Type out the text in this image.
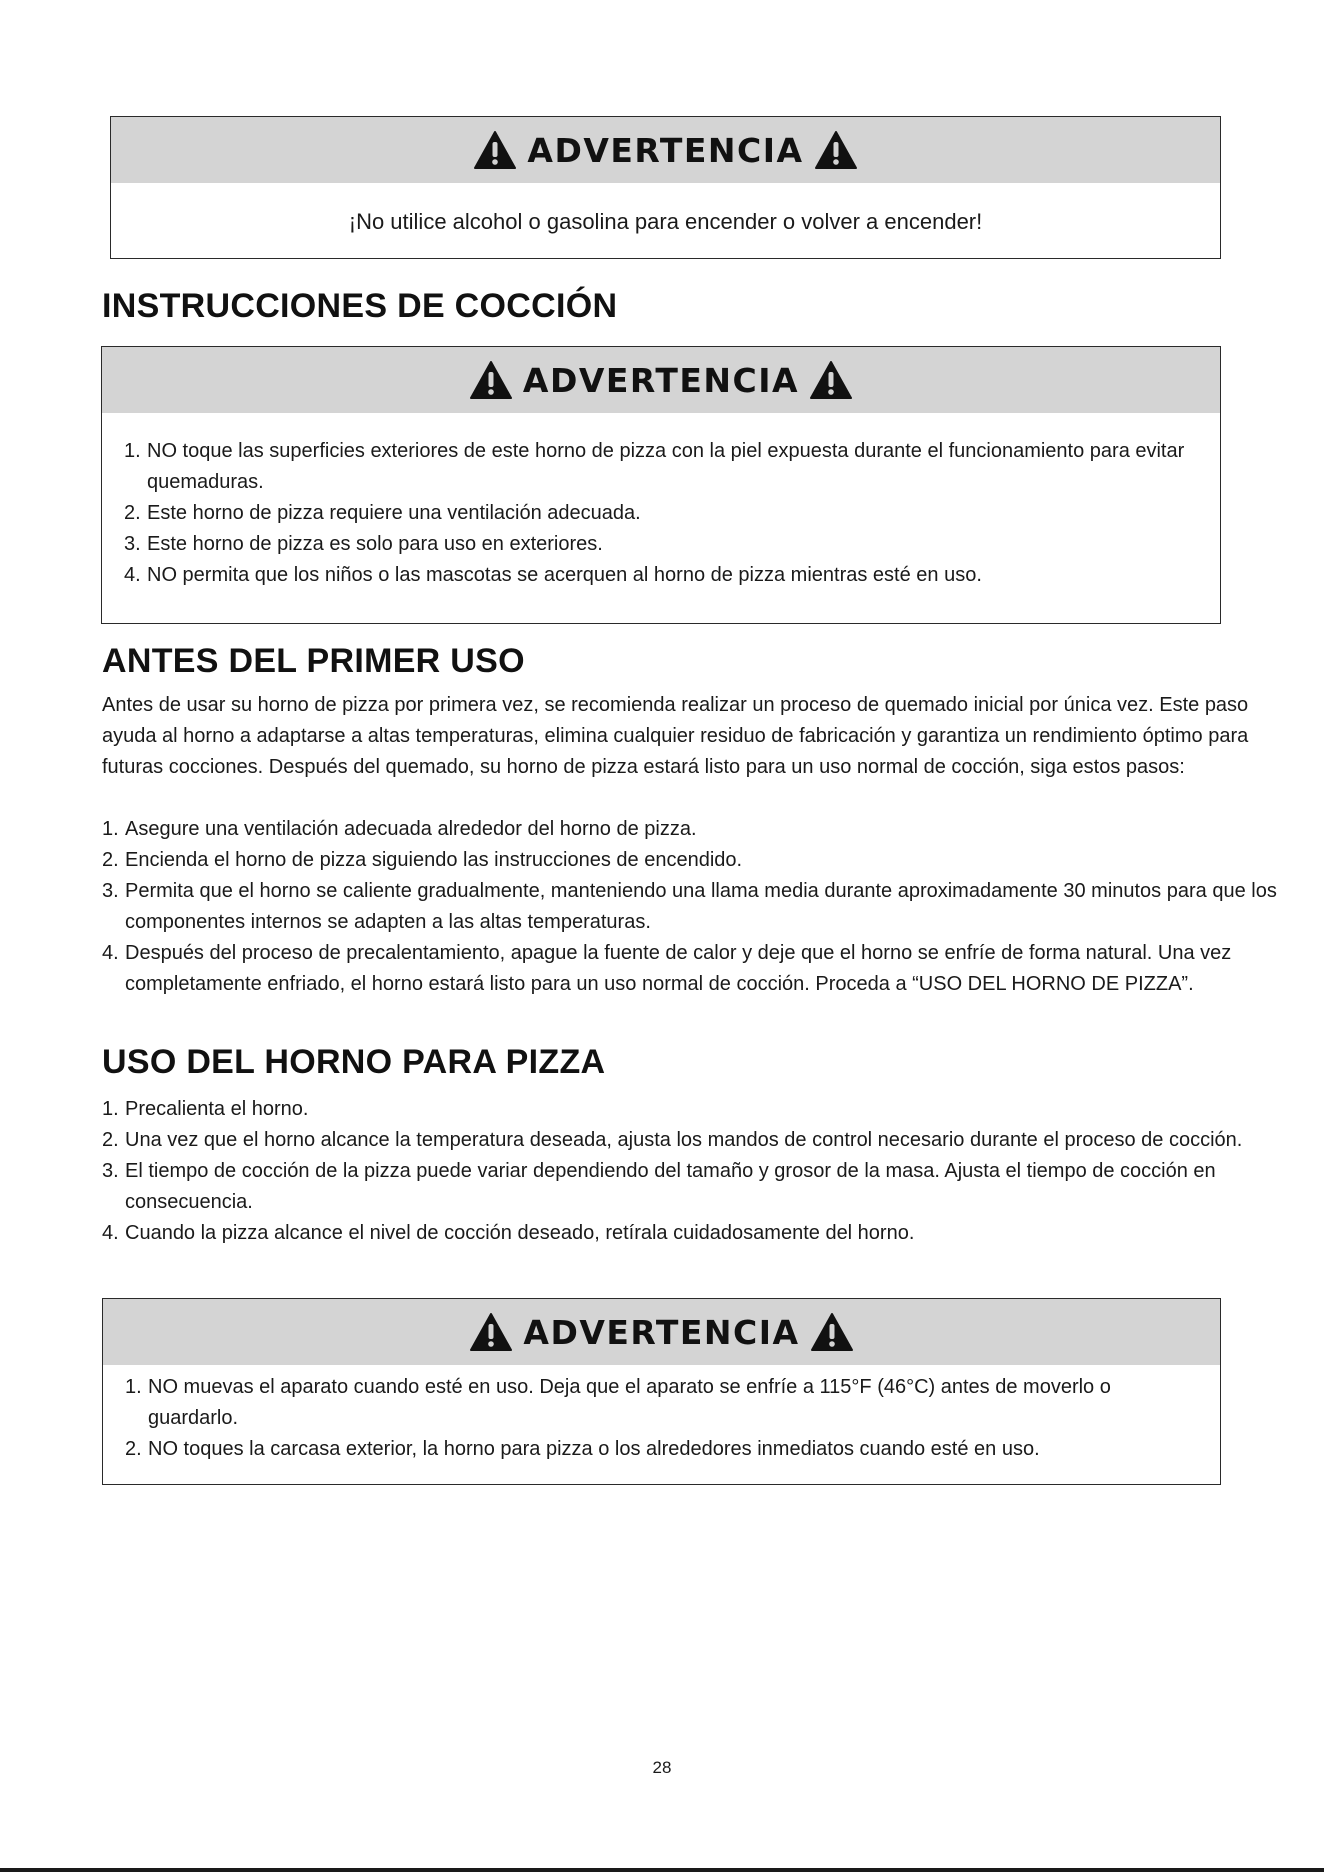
ADVERTENCIA
¡No utilice alcohol o gasolina para encender o volver a encender!
INSTRUCCIONES DE COCCIÓN
ADVERTENCIA
1. NO toque las superficies exteriores de este horno de pizza con la piel expuesta durante el funcionamiento para evitar quemaduras.
2. Este horno de pizza requiere una ventilación adecuada.
3. Este horno de pizza es solo para uso en exteriores.
4. NO permita que los niños o las mascotas se acerquen al horno de pizza mientras esté en uso.
ANTES DEL PRIMER USO

Antes de usar su horno de pizza por primera vez, se recomienda realizar un proceso de quemado inicial por única vez. Este paso ayuda al horno a adaptarse a altas temperaturas, elimina cualquier residuo de fabricación y garantiza un rendimiento óptimo para futuras cocciones. Después del quemado, su horno de pizza estará listo para un uso normal de cocción, siga estos pasos:

1. Asegure una ventilación adecuada alrededor del horno de pizza.
2. Encienda el horno de pizza siguiendo las instrucciones de encendido.
3. Permita que el horno se caliente gradualmente, manteniendo una llama media durante aproximadamente 30 minutos para que los componentes internos se adapten a las altas temperaturas.
4. Después del proceso de precalentamiento, apague la fuente de calor y deje que el horno se enfríe de forma natural. Una vez completamente enfriado, el horno estará listo para un uso normal de cocción. Proceda a “USO DEL HORNO DE PIZZA”.
USO DEL HORNO PARA PIZZA
1. Precalienta el horno.
2. Una vez que el horno alcance la temperatura deseada, ajusta los mandos de control necesario durante el proceso de cocción.
3. El tiempo de cocción de la pizza puede variar dependiendo del tamaño y grosor de la masa. Ajusta el tiempo de cocción en consecuencia.
4. Cuando la pizza alcance el nivel de cocción deseado, retírala cuidadosamente del horno.
ADVERTENCIA
1. NO muevas el aparato cuando esté en uso. Deja que el aparato se enfríe a 115°F (46°C) antes de moverlo o guardarlo.
2. NO toques la carcasa exterior, la horno para pizza o los alrededores inmediatos cuando esté en uso.
28
